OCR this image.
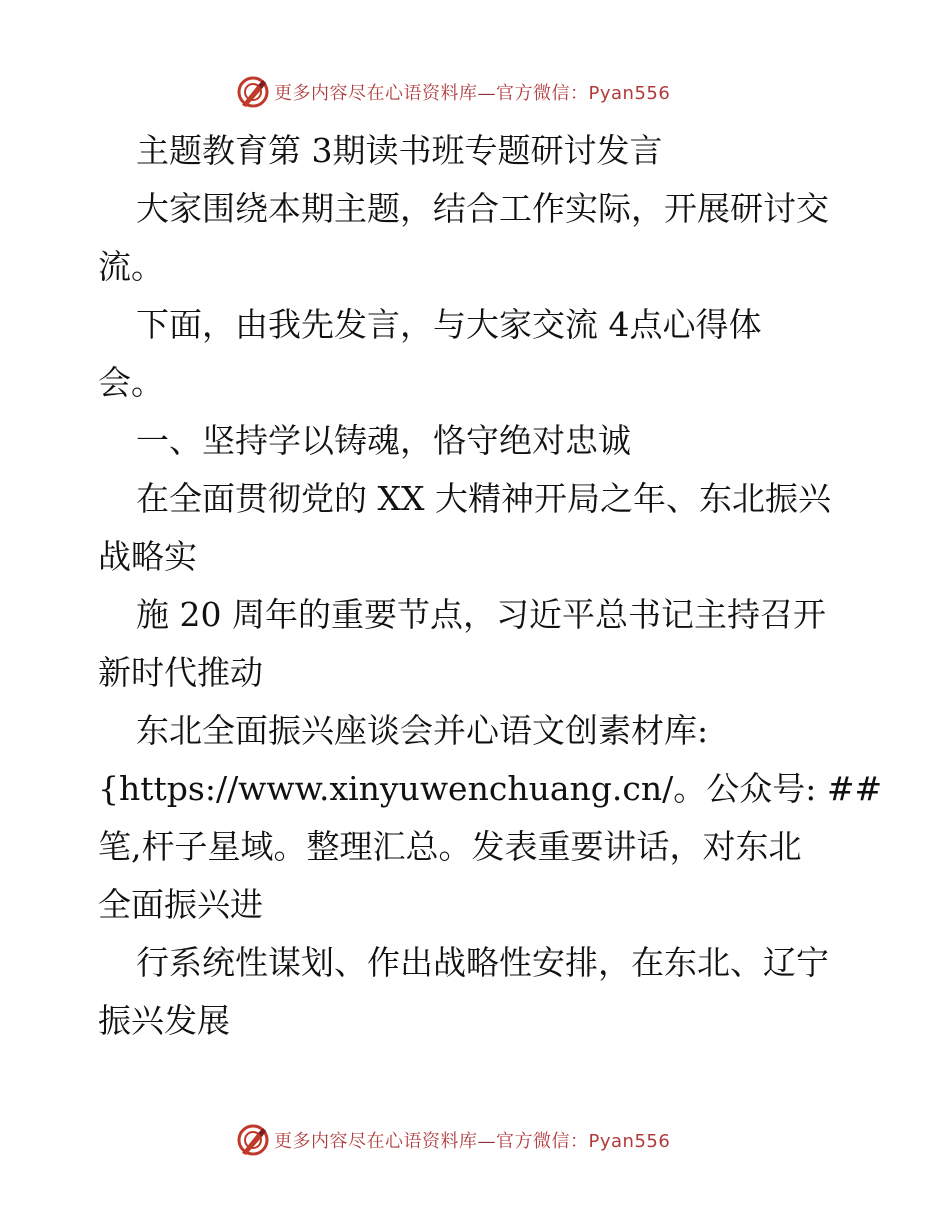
更多内容尽在心语资料库—官方微信：Pyan556
主题教育第 3期读书班专题研讨发言
大家围绕本期主题，结合工作实际，开展研讨交
流。
下面，由我先发言，与大家交流 4点心得体
会。
一、坚持学以铸魂，恪守绝对忠诚
在全面贯彻党的 XX 大精神开局之年、东北振兴
战略实
施 20 周年的重要节点，习近平总书记主持召开
新时代推动
东北全面振兴座谈会并心语文创素材库:
{https://www.xinyuwenchuang.cn/。公众号: ##
笔,杆子星域。整理汇总。发表重要讲话，对东北
全面振兴进
行系统性谋划、作出战略性安排，在东北、辽宁
振兴发展
更多内容尽在心语资料库—官方微信：Pyan556
